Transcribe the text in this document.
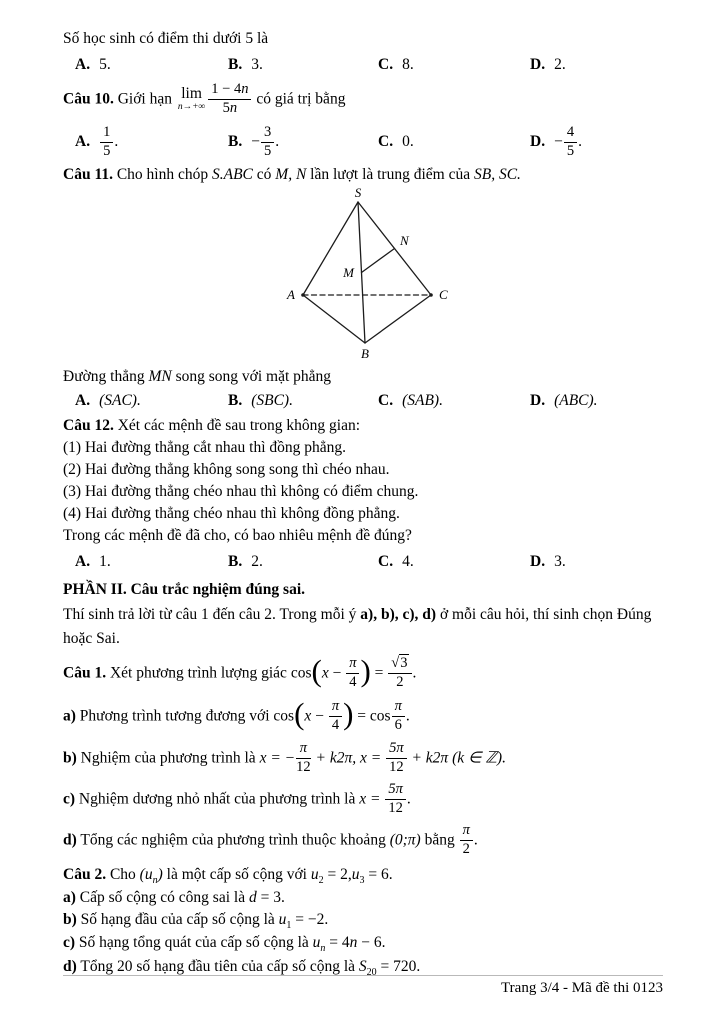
Số học sinh có điểm thi dưới 5 là
A. 5.	B. 3.	C. 8.	D. 2.
Câu 10. Giới hạn lim
$n\to+\infty \frac{1 - 4n}{5n}$ có giá trị bằng
A. $\frac{1}{5}$ .	B. − $\frac{3}{5}$ .	C. 0.	D. − $\frac{4}{5}$ .
Câu 11. Cho hình chóp S.ABC có M, N lần lượt là trung điểm của SB, SC.
S
A	C
B
M
N
Đường thẳng MN song song với mặt phẳng
A. (SAC).	B. (SBC).	C. (SAB).	D. (ABC).
Câu 12. Xét các mệnh đề sau trong không gian:
(1) Hai đường thẳng cắt nhau thì đồng phẳng.
(2) Hai đường thẳng không song song thì chéo nhau.
(3) Hai đường thẳng chéo nhau thì không có điểm chung.
(4) Hai đường thẳng chéo nhau thì không đồng phẳng.
Trong các mệnh đề đã cho, có bao nhiêu mệnh đề đúng?
A. 1.	B. 2.	C. 4.	D. 3.
PHẦN II. Câu trắc nghiệm đúng sai.
Thí sinh trả lời từ câu 1 đến câu 2. Trong mỗi ý a), b), c), d) ở mỗi câu hỏi, thí sinh chọn Đúng hoặc Sai.
Câu 1. Xét phương trình lượng giác $\cos(x - \frac{\pi}{4}$ ) = $\frac{√3}{2}$ .
a) Phương trình tương đương với $\cos(x - \frac{\pi}{4}$ ) = $\cos \frac{\pi}{6}$ .
b) Nghiệm của phương trình là x = − $\frac{\pi}{12} + k2\pi$, $x = \frac{5\pi}{12} + k2\pi$ (k ∈ ℤ).
c) Nghiệm dương nhỏ nhất của phương trình là $x = \frac{5\pi}{12}$ .
d) Tổng các nghiệm của phương trình thuộc khoảng (0;π) bằng $\frac{\pi}{2}$ .
Câu 2. Cho $(u_n)$ là một cấp số cộng với $u_2 = 2,u_3 = 6$.
a) Cấp số cộng có công sai là d = 3.
b) Số hạng đầu của cấp số cộng là $u_1 = -2$.
c) Số hạng tổng quát của cấp số cộng là $u_n = 4n - 6$.
d) Tổng 20 số hạng đầu tiên của cấp số cộng là $S_{20} = 720$.
Trang 3/4 - Mã đề thi 0123
